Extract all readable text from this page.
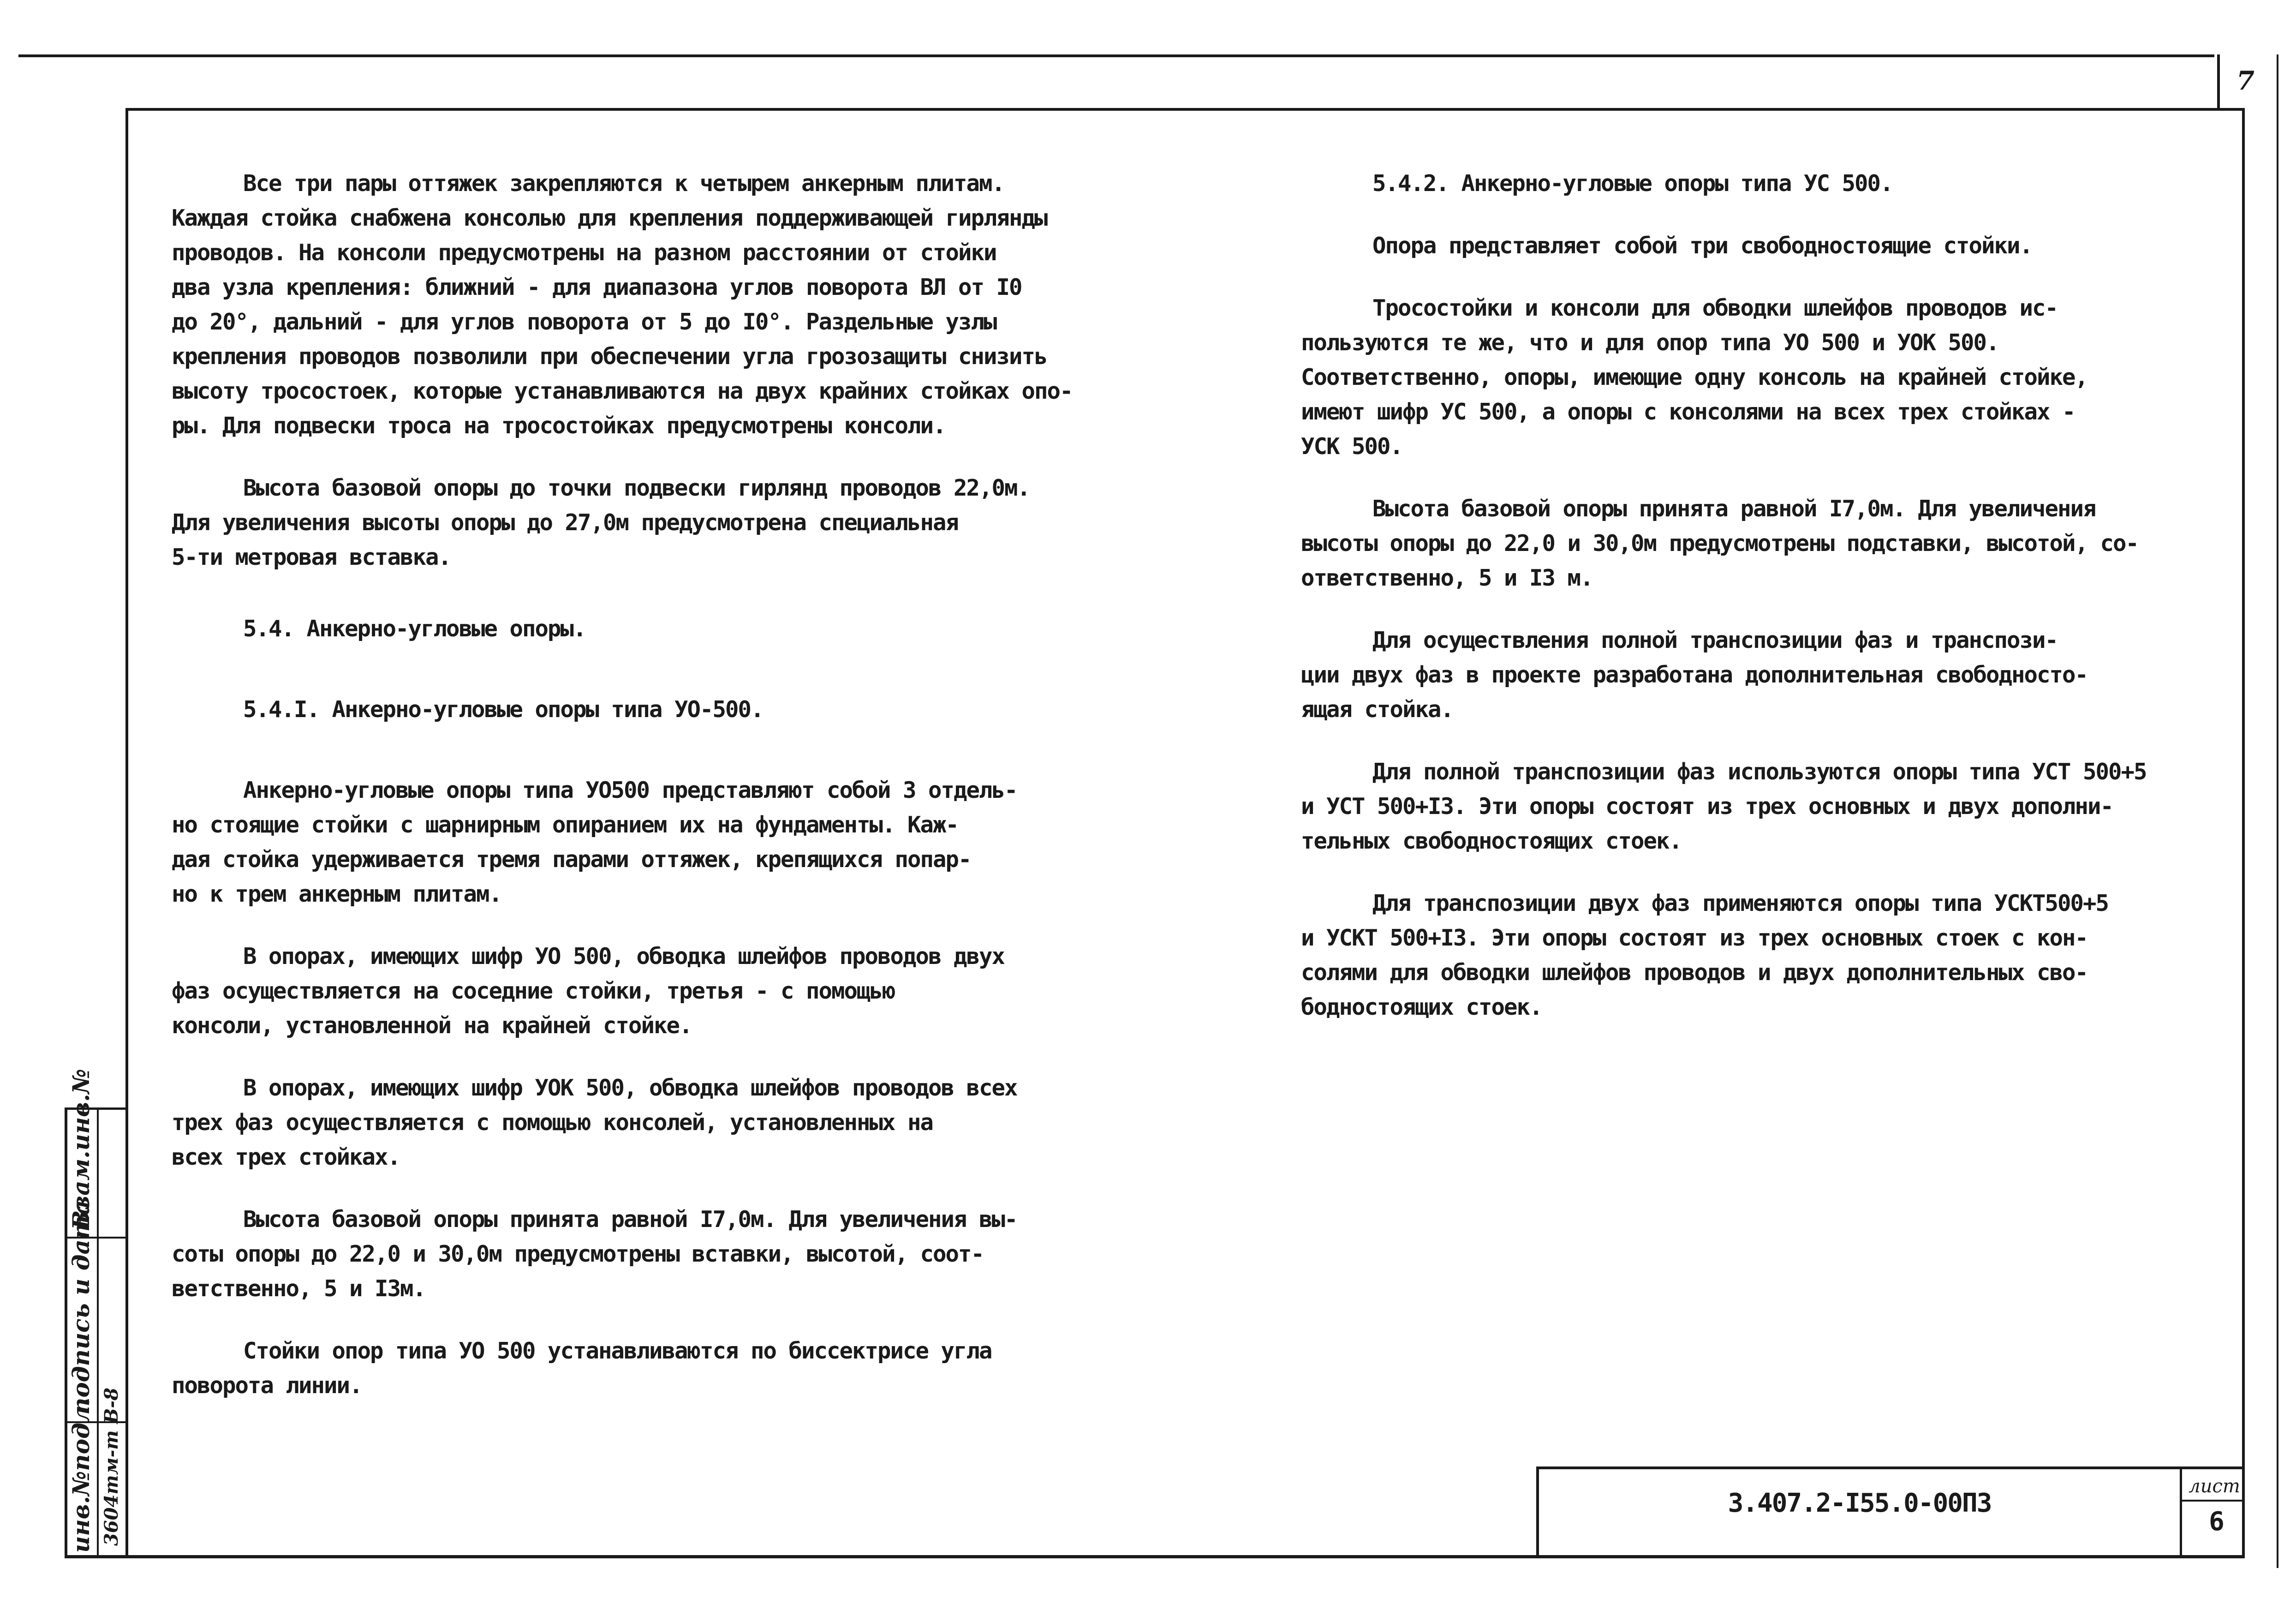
7

Все три пары оттяжек закрепляются к четырем анкерным плитам.
Каждая стойка снабжена консолью для крепления поддерживающей гирлянды
проводов. На консоли предусмотрены на разном расстоянии от стойки
два узла крепления: ближний - для диапазона углов поворота ВЛ от I0
до 20°, дальний - для углов поворота от 5 до I0°. Раздельные узлы
крепления проводов позволили при обеспечении угла грозозащиты снизить
высоту тросостоек, которые устанавливаются на двух крайних стойках опо-
ры. Для подвески троса на тросостойках предусмотрены консоли.

Высота базовой опоры до точки подвески гирлянд проводов 22,0м.
Для увеличения высоты опоры до 27,0м предусмотрена специальная
5-ти метровая вставка.

5.4. Анкерно-угловые опоры.

5.4.I. Анкерно-угловые опоры типа УО-500.

Анкерно-угловые опоры типа УО500 представляют собой 3 отдель-
но стоящие стойки с шарнирным опиранием их на фундаменты. Каж-
дая стойка удерживается тремя парами оттяжек, крепящихся попар-
но к трем анкерным плитам.

В опорах, имеющих шифр УО 500, обводка шлейфов проводов двух
фаз осуществляется на соседние стойки, третья - с помощью
консоли, установленной на крайней стойке.

В опорах, имеющих шифр УОК 500, обводка шлейфов проводов всех
трех фаз осуществляется с помощью консолей, установленных на
всех трех стойках.

Высота базовой опоры принята равной I7,0м. Для увеличения вы-
соты опоры до 22,0 и 30,0м предусмотрены вставки, высотой, соот-
ветственно, 5 и I3м.

Стойки опор типа УО 500 устанавливаются по биссектрисе угла
поворота линии.

5.4.2. Анкерно-угловые опоры типа УС 500.

Опора представляет собой три свободностоящие стойки.

Тросостойки и консоли для обводки шлейфов проводов ис-
пользуются те же, что и для опор типа УО 500 и УОК 500.
Соответственно, опоры, имеющие одну консоль на крайней стойке,
имеют шифр УС 500, а опоры с консолями на всех трех стойках -
УСК 500.

Высота базовой опоры принята равной I7,0м. Для увеличения
высоты опоры до 22,0 и 30,0м предусмотрены подставки, высотой, со-
ответственно, 5 и I3 м.

Для осуществления полной транспозиции фаз и транспози-
ции двух фаз в проекте разработана дополнительная свободносто-
ящая стойка.

Для полной транспозиции фаз используются опоры типа УСТ 500+5
и УСТ 500+I3. Эти опоры состоят из трех основных и двух дополни-
тельных свободностоящих стоек.

Для транспозиции двух фаз применяются опоры типа УСКТ500+5
и УСКТ 500+I3. Эти опоры состоят из трех основных стоек с кон-
солями для обводки шлейфов проводов и двух дополнительных сво-
бодностоящих стоек.

Взам.инв.№
подпись и дата
инв.№подл. 3604тм-т В-8	3.407.2-I55.0-00ПЗ
лист
6
